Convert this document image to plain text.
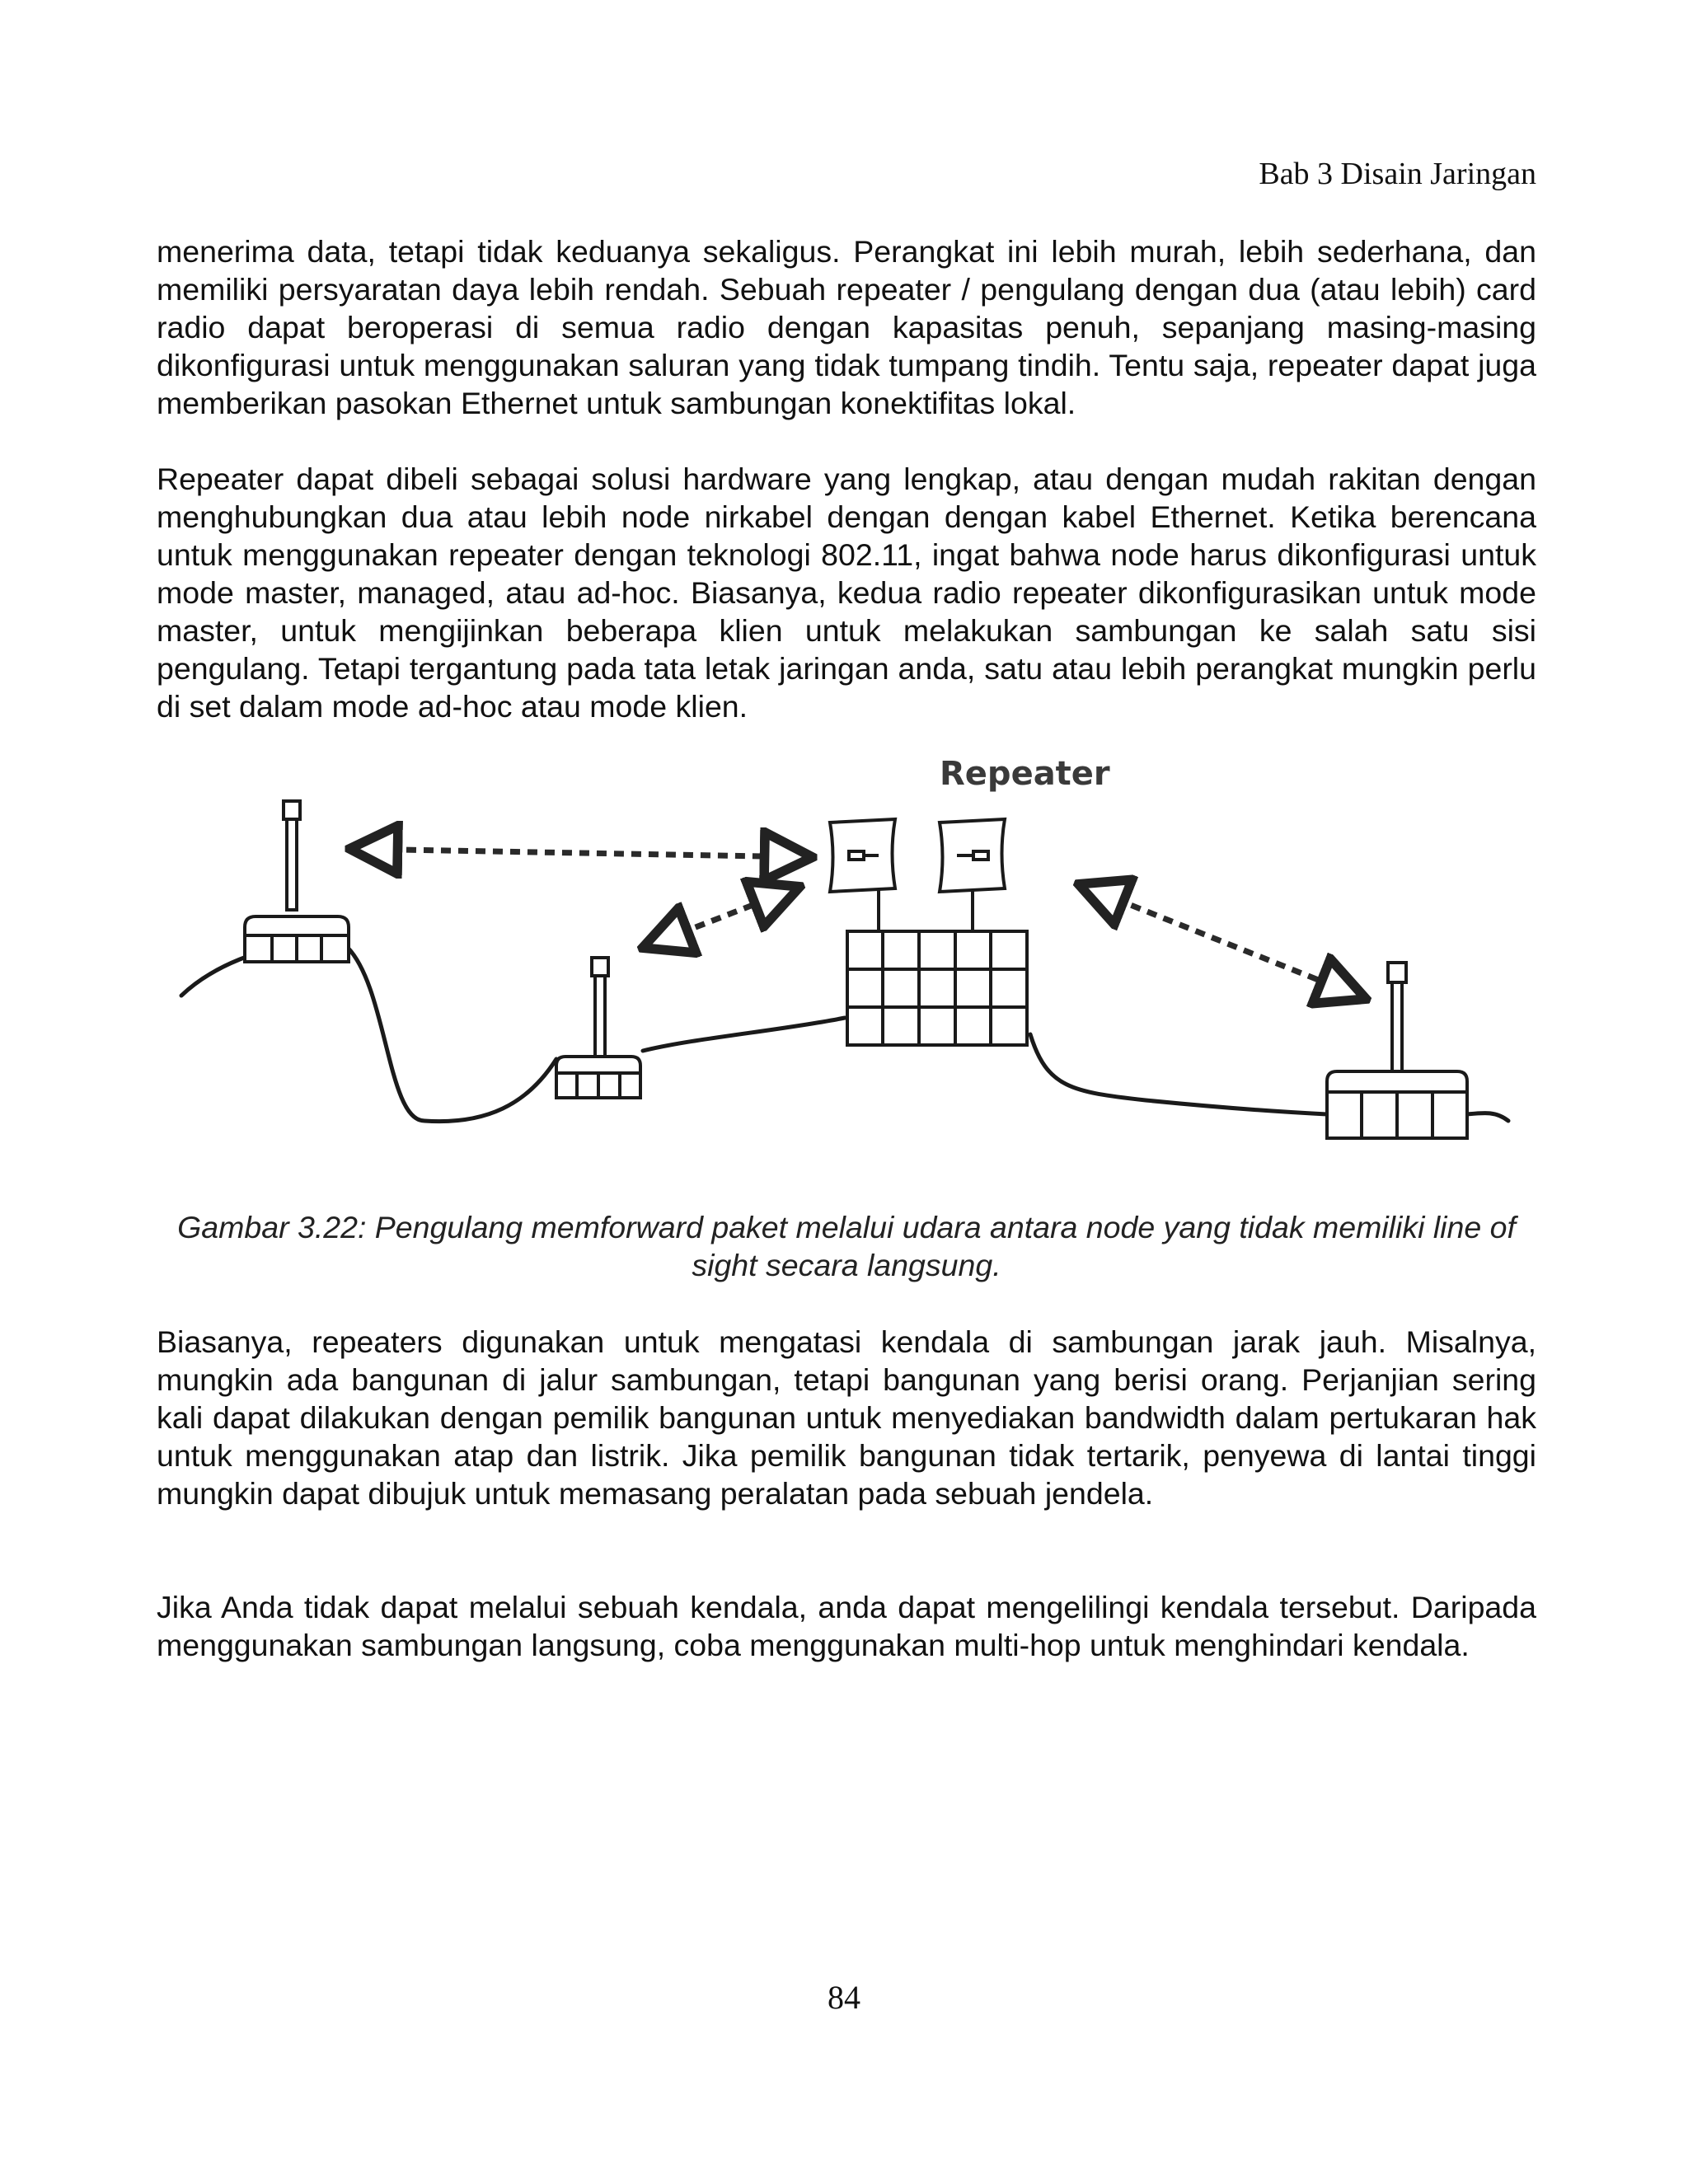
Bab 3 Disain Jaringan

menerima data, tetapi tidak keduanya sekaligus. Perangkat ini lebih murah, lebih sederhana, dan memiliki persyaratan daya lebih rendah. Sebuah repeater / pengulang dengan dua (atau lebih) card radio dapat beroperasi di semua radio dengan kapasitas penuh, sepanjang masing-masing dikonfigurasi untuk menggunakan saluran yang tidak tumpang tindih. Tentu saja, repeater dapat juga memberikan pasokan Ethernet untuk sambungan konektifitas lokal.

Repeater dapat dibeli sebagai solusi hardware yang lengkap, atau dengan mudah rakitan dengan menghubungkan dua atau lebih node nirkabel dengan dengan kabel Ethernet. Ketika berencana untuk menggunakan repeater dengan teknologi 802.11, ingat bahwa node harus dikonfigurasi untuk mode master, managed, atau ad-hoc. Biasanya, kedua radio repeater dikonfigurasikan untuk mode master, untuk mengijinkan beberapa klien untuk melakukan sambungan ke salah satu sisi pengulang. Tetapi tergantung pada tata letak jaringan anda, satu atau lebih perangkat mungkin perlu di set dalam mode ad-hoc atau mode klien.

Repeater

Gambar 3.22: Pengulang memforward paket melalui udara antara node yang tidak memiliki line of sight secara langsung.

Biasanya, repeaters digunakan untuk mengatasi kendala di sambungan jarak jauh. Misalnya, mungkin ada bangunan di jalur sambungan, tetapi bangunan yang berisi orang. Perjanjian sering kali dapat dilakukan dengan pemilik bangunan untuk menyediakan bandwidth dalam pertukaran hak untuk menggunakan atap dan listrik. Jika pemilik bangunan tidak tertarik, penyewa di lantai tinggi mungkin dapat dibujuk untuk memasang peralatan pada sebuah jendela.

Jika Anda tidak dapat melalui sebuah kendala, anda dapat mengelilingi kendala tersebut. Daripada menggunakan sambungan langsung, coba menggunakan multi-hop untuk menghindari kendala.

84
